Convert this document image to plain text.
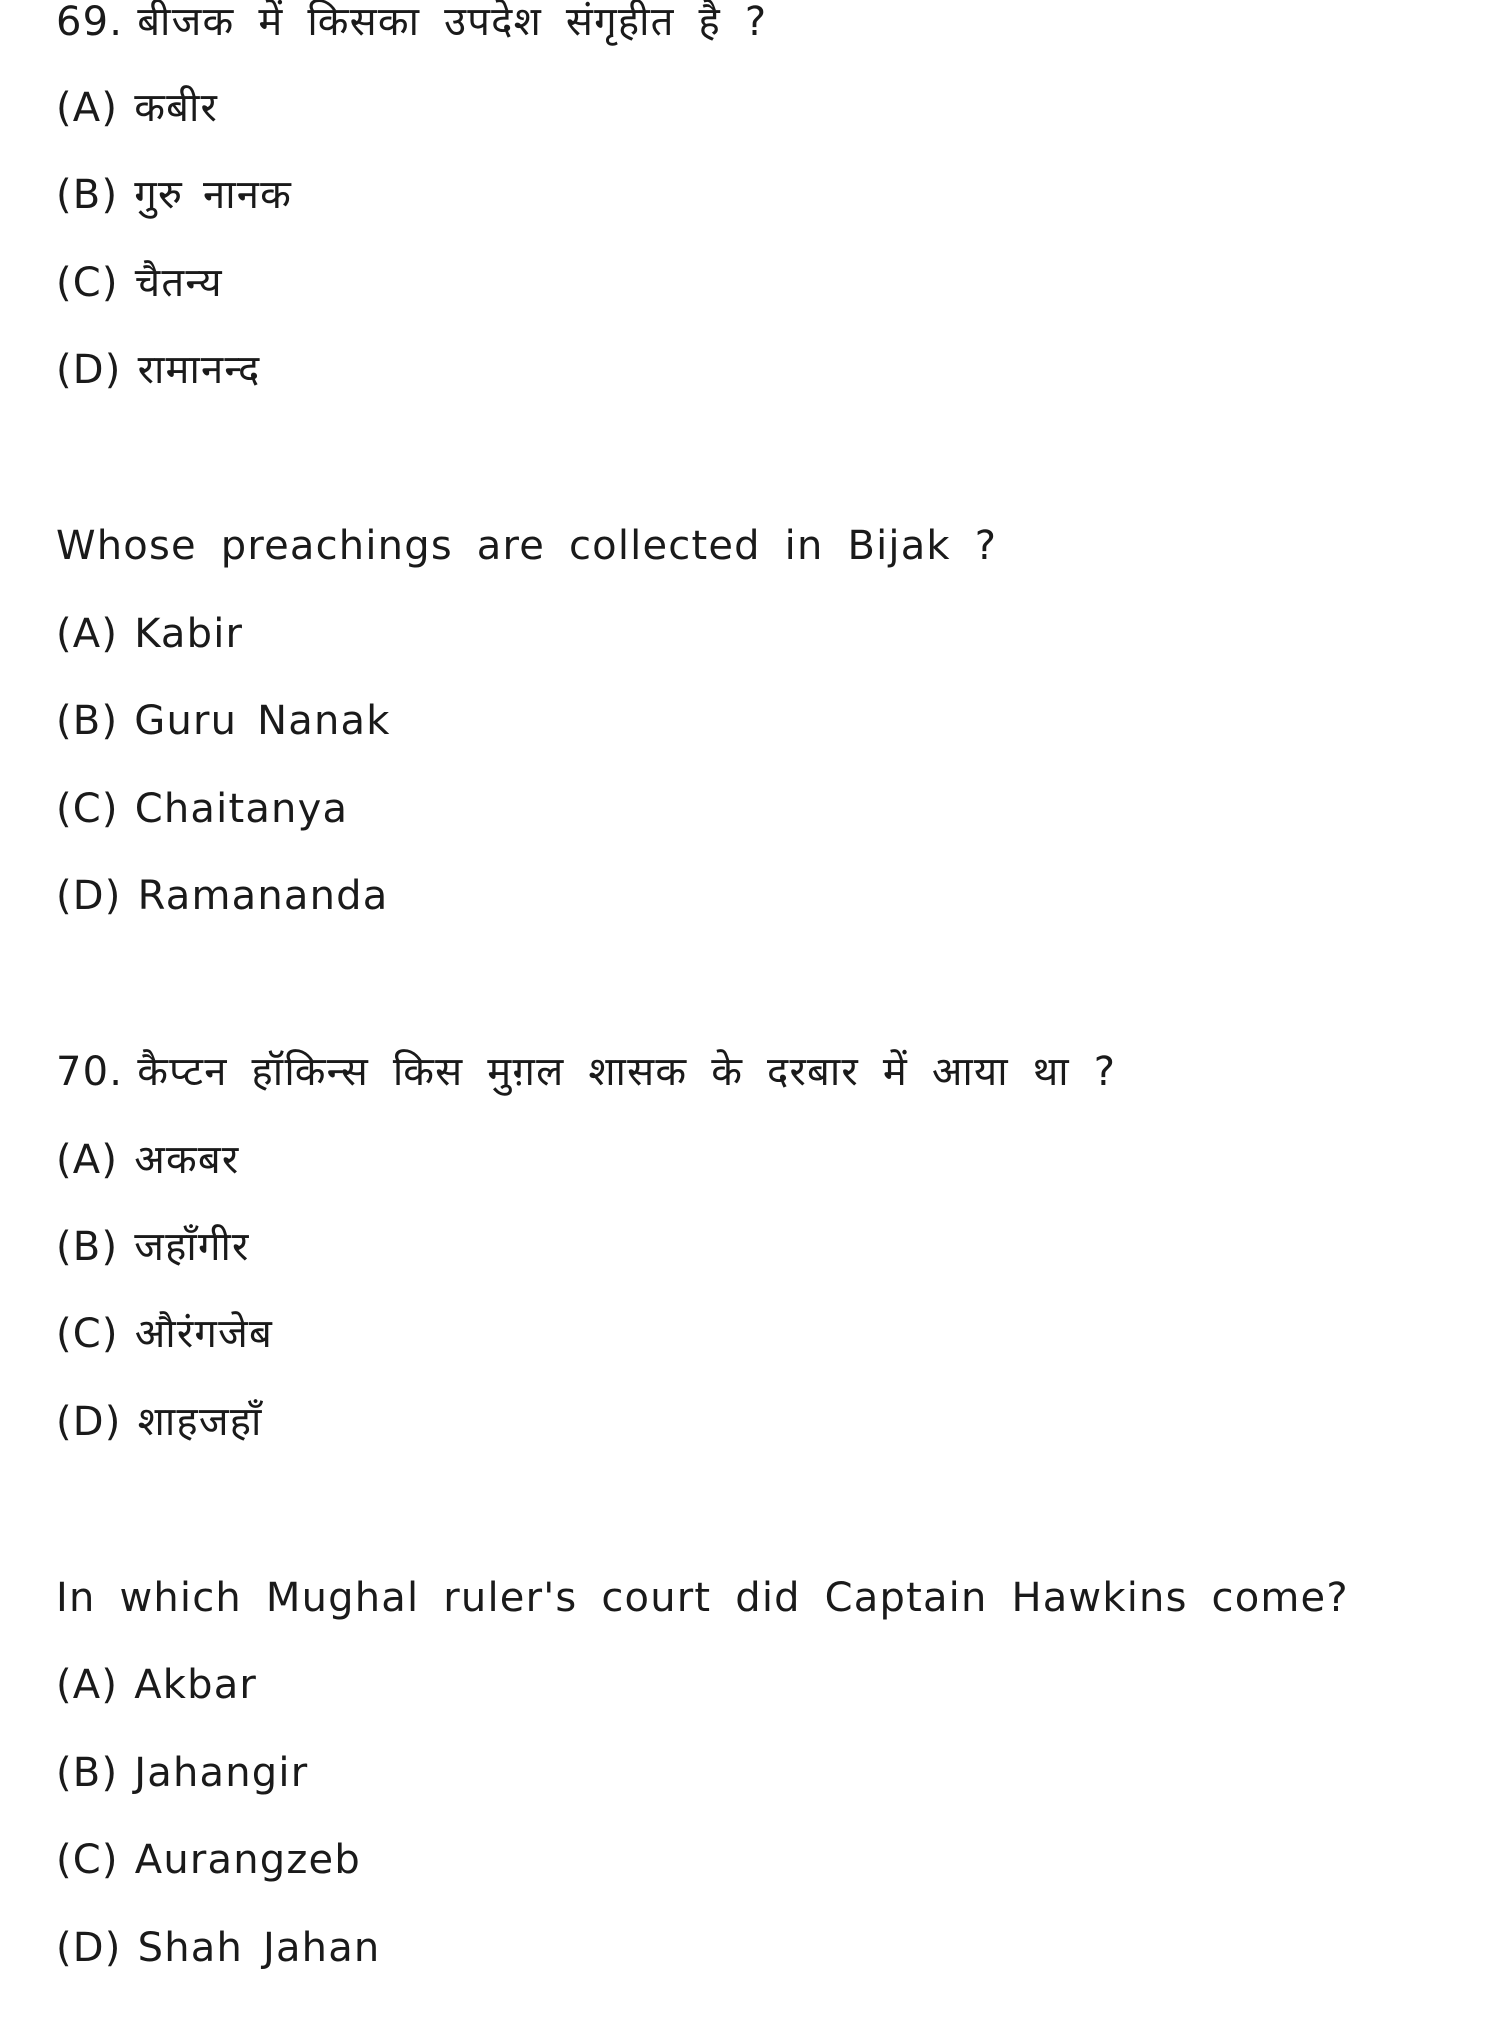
69. बीजक में किसका उपदेश संगृहीत है ?
(A) कबीर
(B) गुरु नानक
(C) चैतन्य
(D) रामानन्द
Whose preachings are collected in Bijak ?
(A) Kabir
(B) Guru Nanak
(C) Chaitanya
(D) Ramananda
70. कैप्टन हॉकिन्स किस मुग़ल शासक के दरबार में आया था ?
(A) अकबर
(B) जहाँगीर
(C) औरंगजेब
(D) शाहजहाँ
In which Mughal ruler's court did Captain Hawkins come?
(A) Akbar
(B) Jahangir
(C) Aurangzeb
(D) Shah Jahan
